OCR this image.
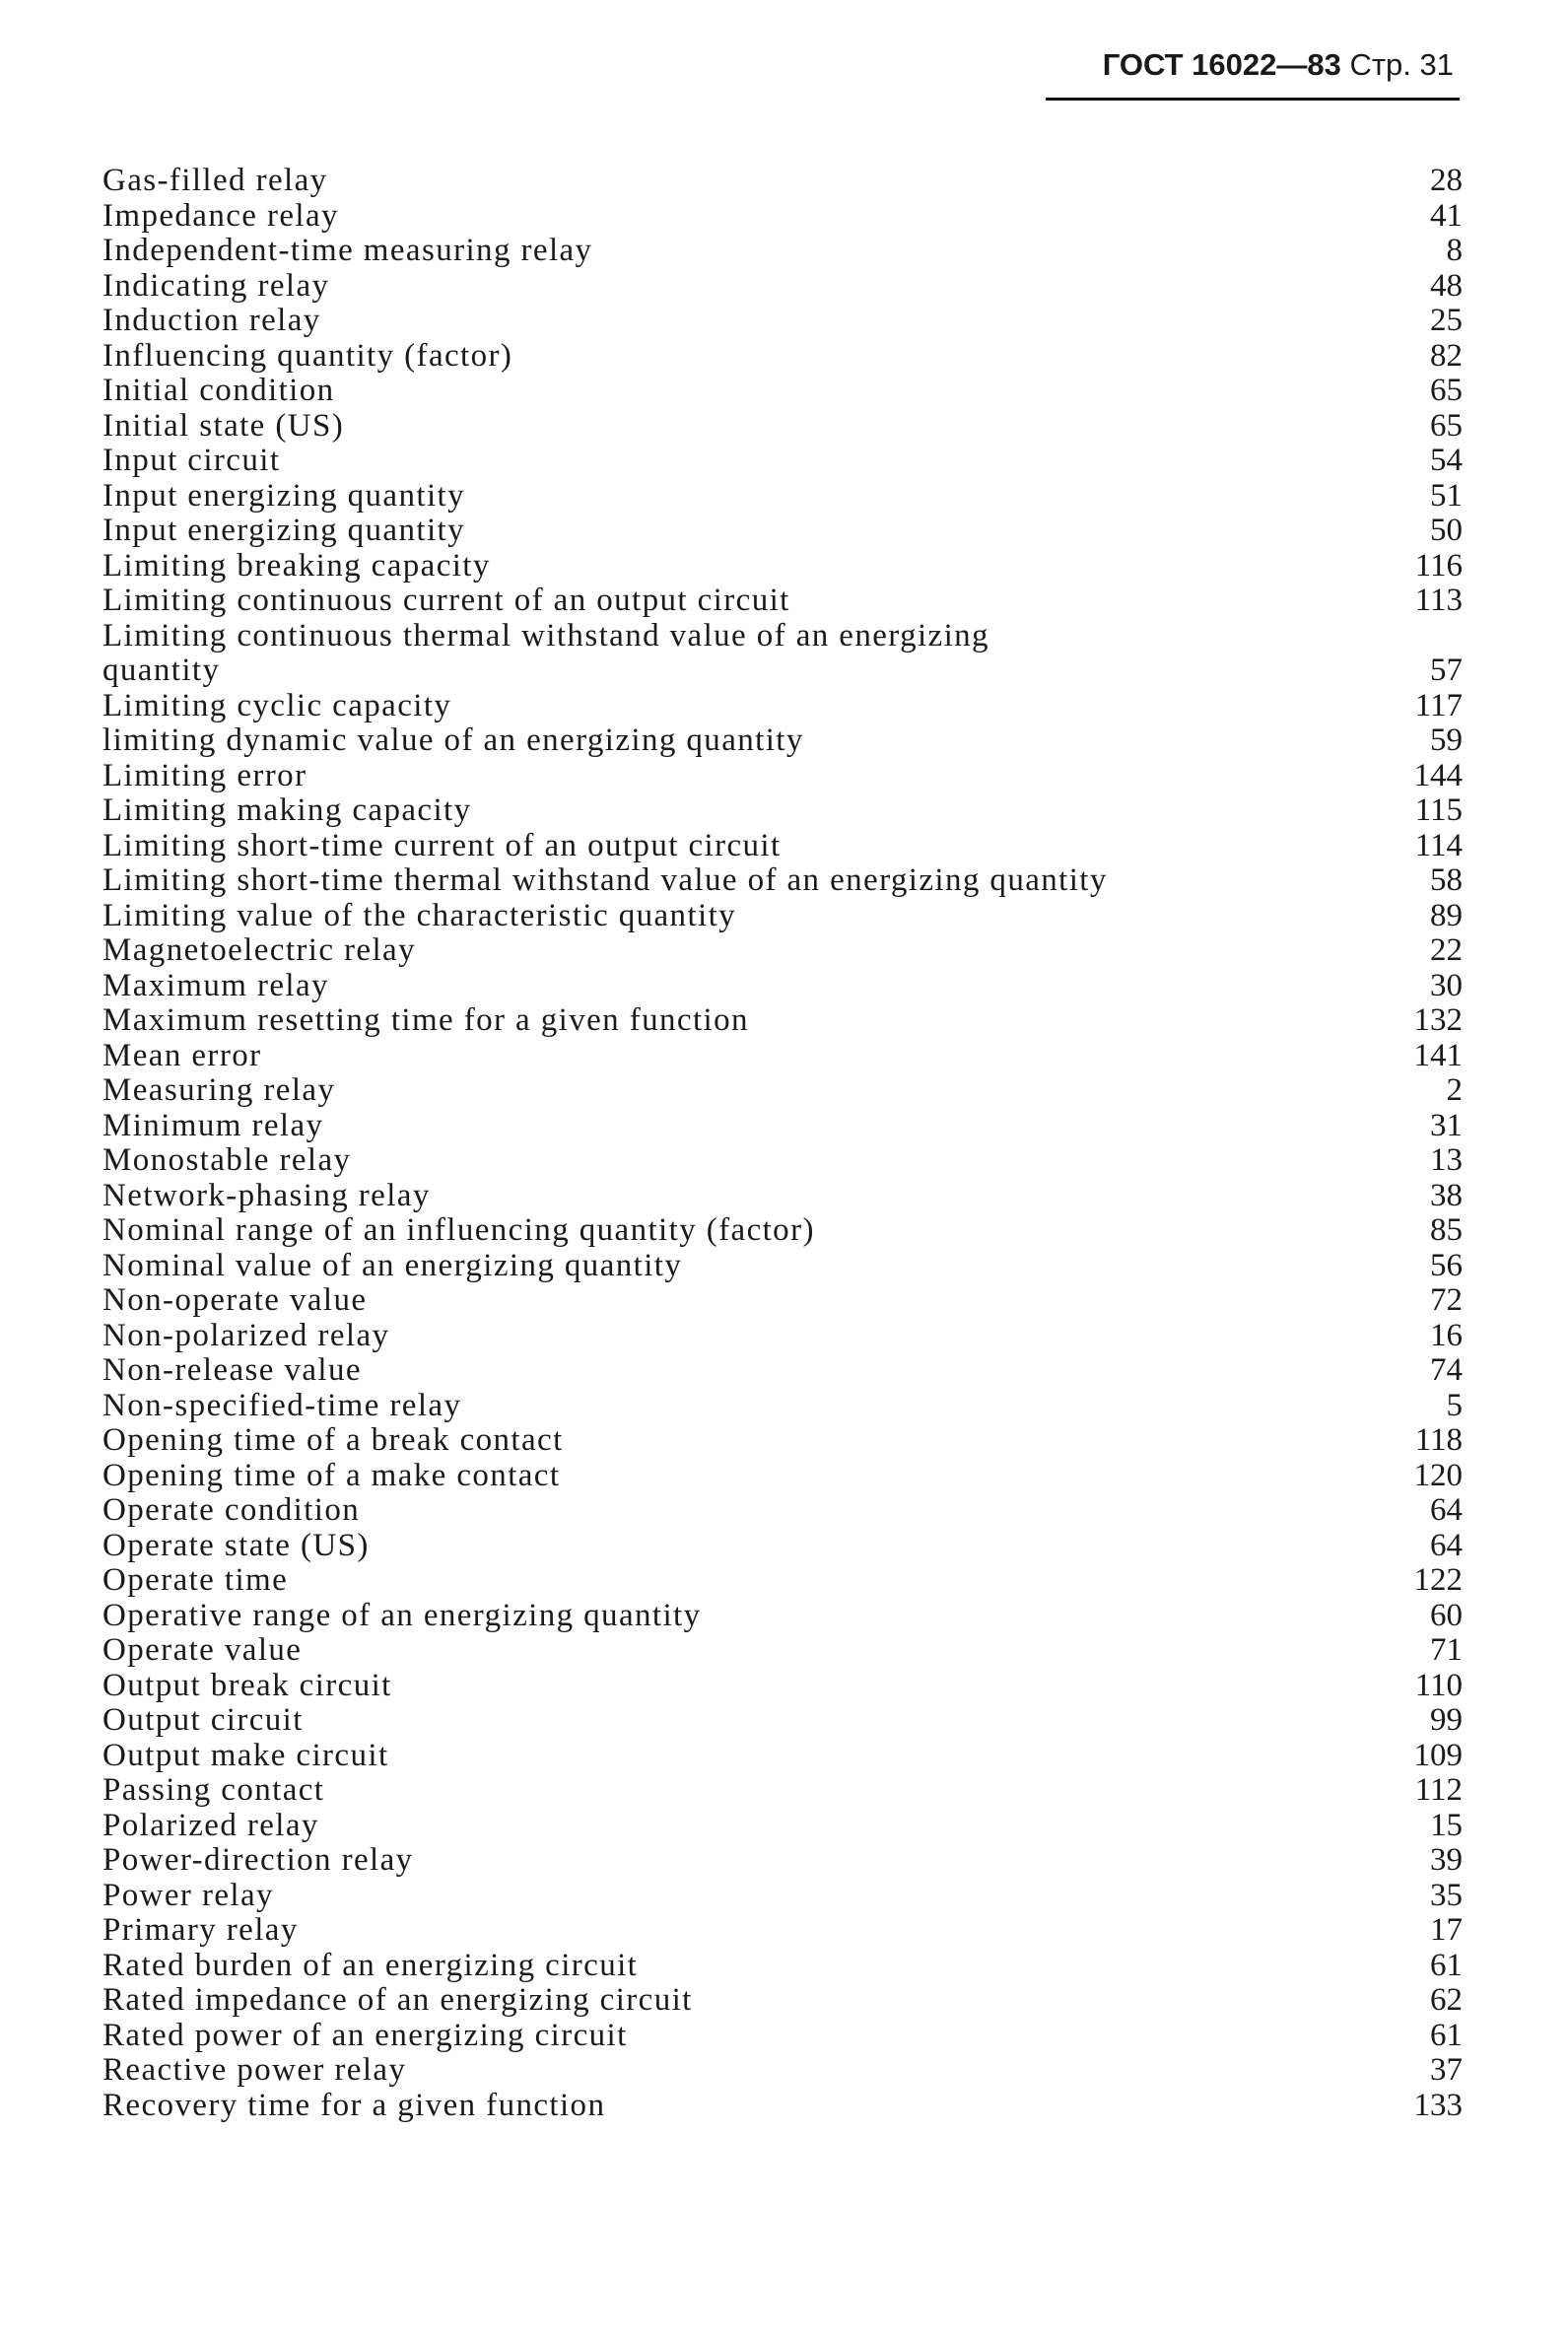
ГОСТ 16022—83 Стр. 31
Gas-filled relay	28
Impedance relay	41
Independent-time measuring relay	8
Indicating relay	48
Induction relay	25
Influencing quantity (factor)	82
Initial condition	65
Initial state (US)	65
Input circuit	54
Input energizing quantity	51
Input energizing quantity	50
Limiting breaking capacity	116
Limiting continuous current of an output circuit	113
Limiting continuous thermal withstand value of an energizing quantity	57
Limiting cyclic capacity	117
limiting dynamic value of an energizing quantity	59
Limiting error	144
Limiting making capacity	115
Limiting short-time current of an output circuit	114
Limiting short-time thermal withstand value of an energizing quantity	58
Limiting value of the characteristic quantity	89
Magnetoelectric relay	22
Maximum relay	30
Maximum resetting time for a given function	132
Mean error	141
Measuring relay	2
Minimum relay	31
Monostable relay	13
Network-phasing relay	38
Nominal range of an influencing quantity (factor)	85
Nominal value of an energizing quantity	56
Non-operate value	72
Non-polarized relay	16
Non-release value	74
Non-specified-time relay	5
Opening time of a break contact	118
Opening time of a make contact	120
Operate condition	64
Operate state (US)	64
Operate time	122
Operative range of an energizing quantity	60
Operate value	71
Output break circuit	110
Output circuit	99
Output make circuit	109
Passing contact	112
Polarized relay	15
Power-direction relay	39
Power relay	35
Primary relay	17
Rated burden of an energizing circuit	61
Rated impedance of an energizing circuit	62
Rated power of an energizing circuit	61
Reactive power relay	37
Recovery time for a given function	133
